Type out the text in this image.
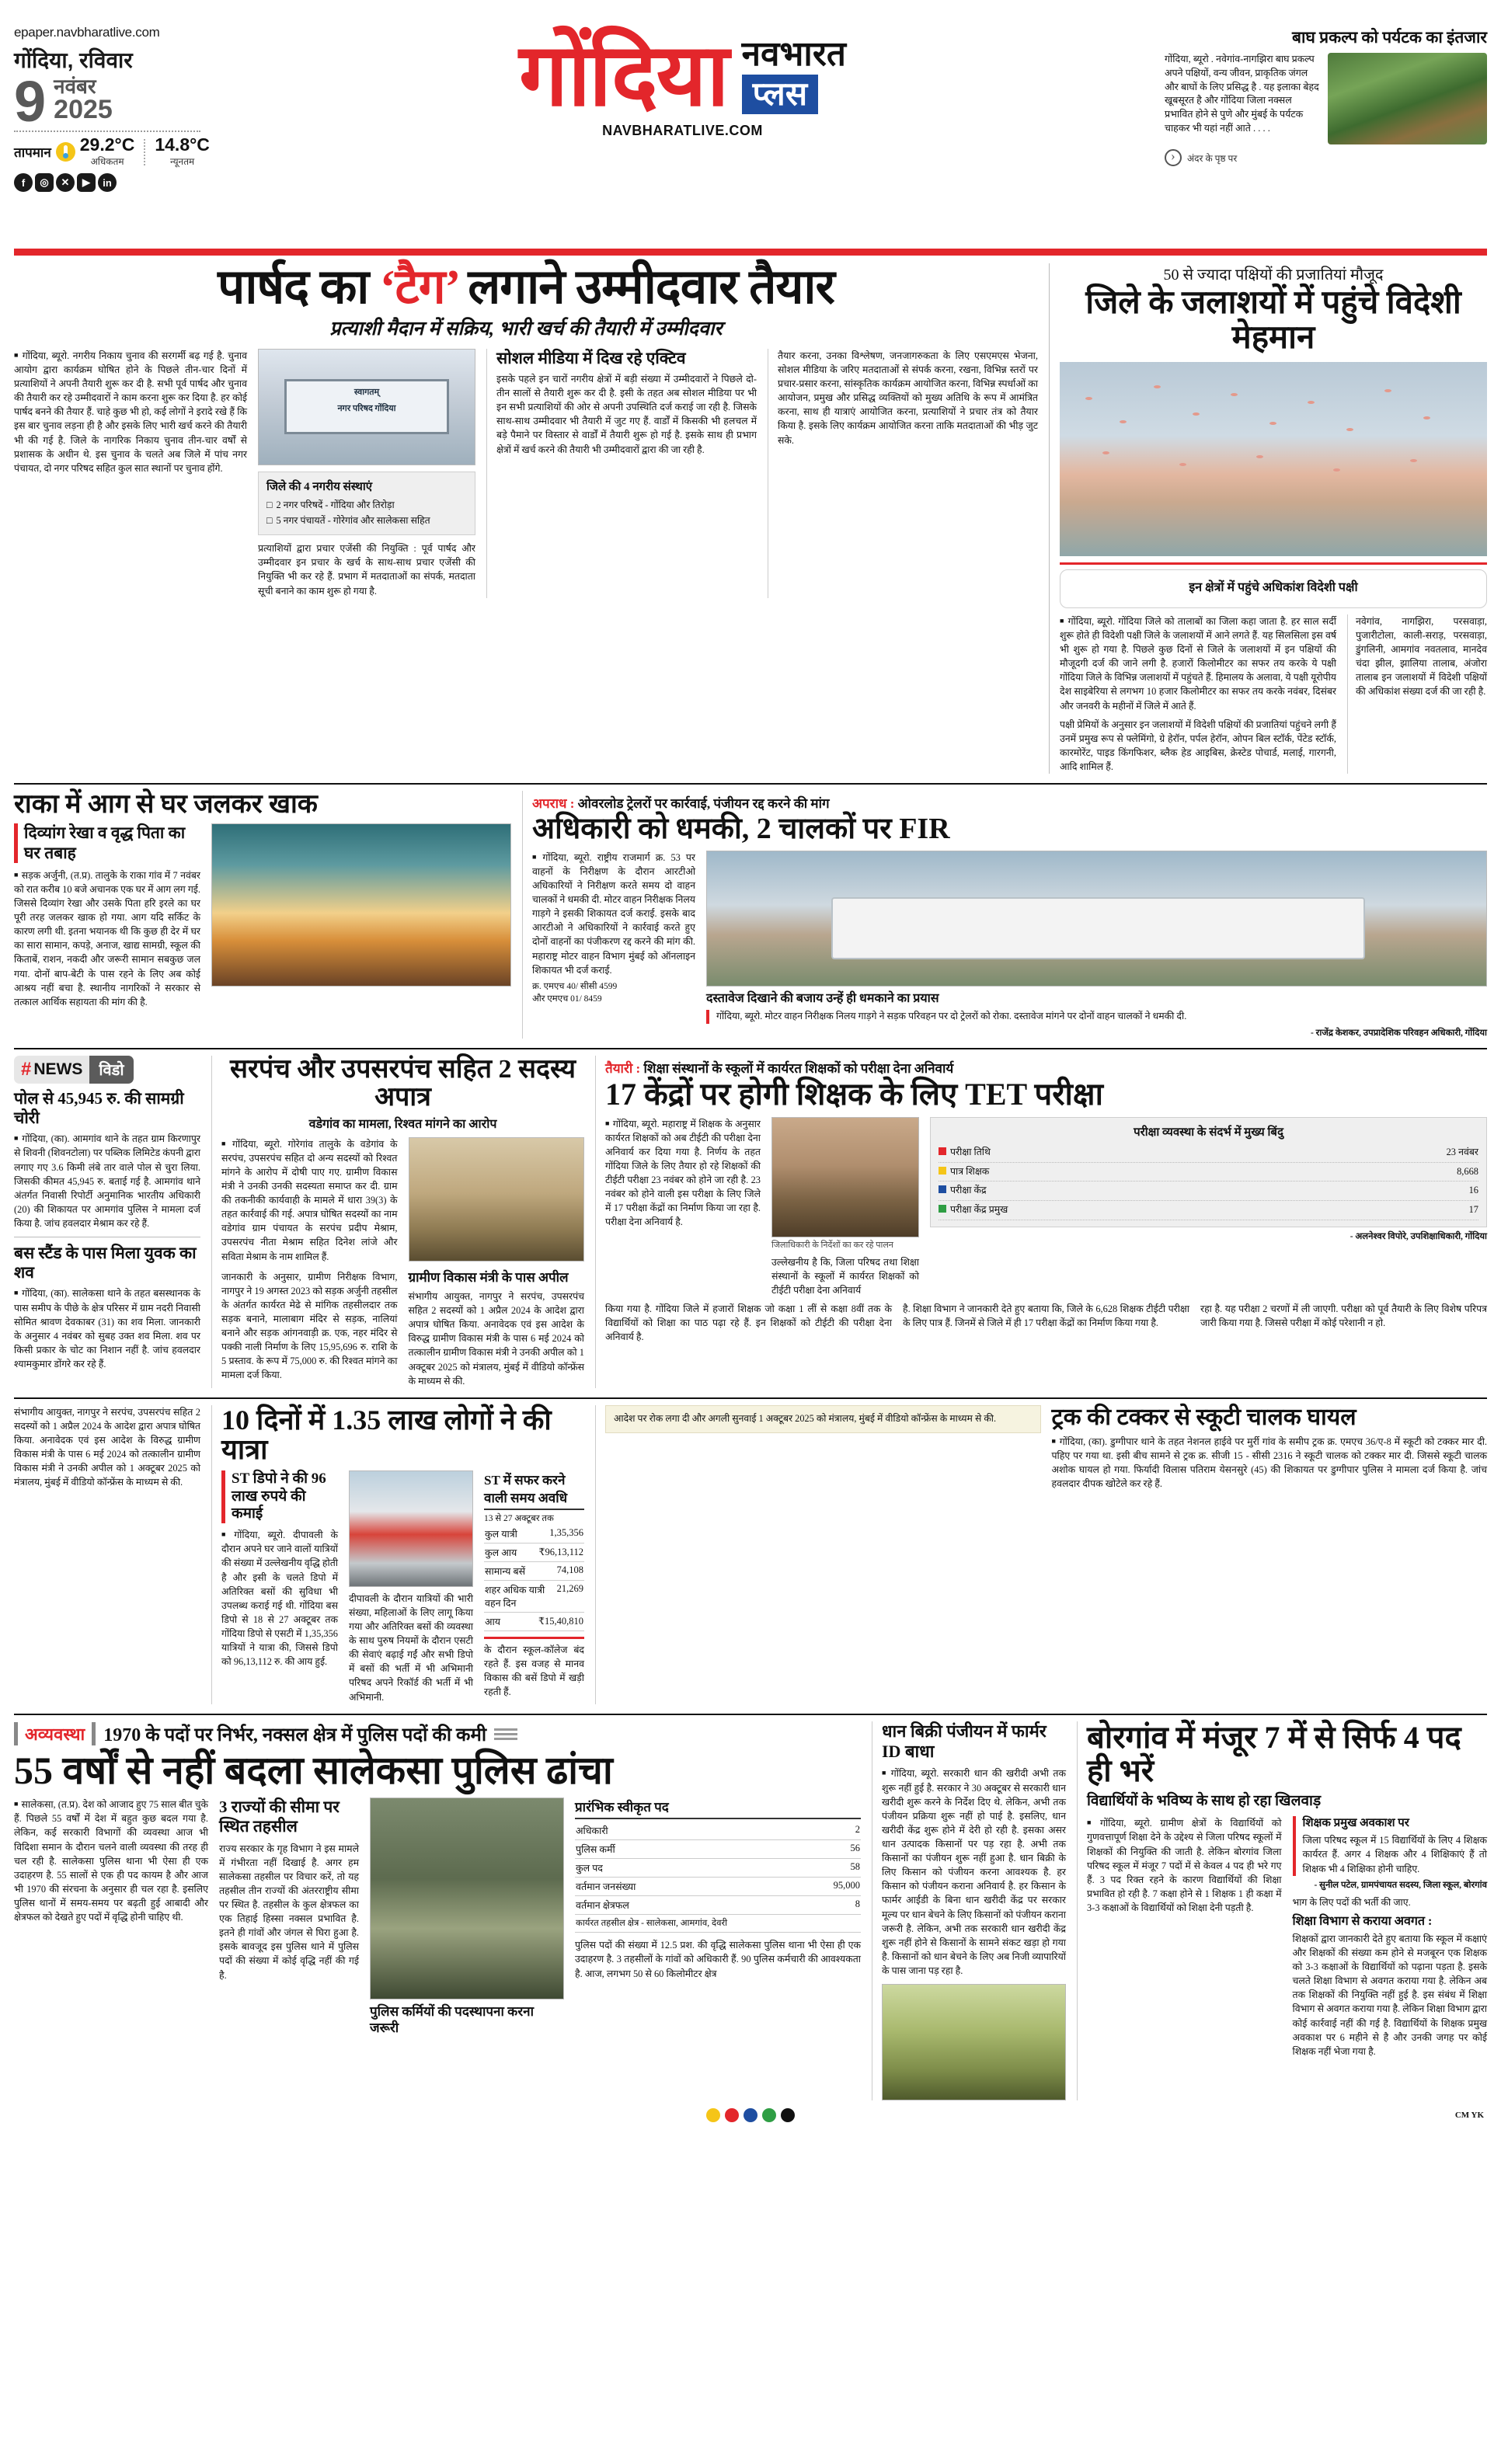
epaper.navbharatlive.com
गोंदिया, रविवार
9 नवंबर
2025
तापमान 29.2°C
अधिकतम
14.8°C
न्यूनतम
f	◎	✕	▶	in
गोंदिया नवभारत
प्लस
NAVBHARATLIVE.COM
बाघ प्रकल्प को पर्यटक का इंतजार
गोंदिया, ब्यूरो . नवेगांव-नागझिरा बाघ प्रकल्प अपने पक्षियों, वन्य जीवन, प्राकृतिक जंगल और बाघों के लिए प्रसिद्ध है . यह इलाका बेहद खूबसूरत है और गोंदिया जिला नक्सल प्रभावित होने से पुणे और मुंबई के पर्यटक चाहकर भी यहां नहीं आते . . . .
›
अंदर के पृष्ठ पर
पार्षद का ‘टैग’ लगाने उम्मीदवार तैयार
प्रत्याशी मैदान में सक्रिय, भारी खर्च की तैयारी में उम्मीदवार
■ गोंदिया, ब्यूरो. नगरीय निकाय चुनाव की सरगर्मी बढ़ गई है. चुनाव आयोग द्वारा कार्यक्रम घोषित होने के पिछले तीन-चार दिनों में प्रत्याशियों ने अपनी तैयारी शुरू कर दी है. सभी पूर्व पार्षद और चुनाव की तैयारी कर रहे उम्मीदवारों ने काम करना शुरू कर दिया है. हर कोई पार्षद बनने की तैयार हैं. चाहे कुछ भी हो, कई लोगों ने इरादे रखे हैं कि इस बार चुनाव लड़ना ही है और इसके लिए भारी खर्च करने की तैयारी भी की गई है. जिले के नागरिक निकाय चुनाव तीन-चार वर्षों से प्रशासक के अधीन थे. इस चुनाव के चलते अब जिले में पांच नगर पंचायत, दो नगर परिषद सहित कुल सात स्थानों पर चुनाव होंगे.
स्वागतम्
नगर परिषद गोंदिया
जिले की 4 नगरीय संस्थाएं
□ 2 नगर परिषदें - गोंदिया और तिरोड़ा
□ 5 नगर पंचायतें - गोरेगांव और सालेकसा सहित
प्रत्याशियों द्वारा प्रचार एजेंसी की नियुक्ति : पूर्व पार्षद और उम्मीदवार इन प्रचार के खर्च के साथ-साथ प्रचार एजेंसी की नियुक्ति भी कर रहे हैं. प्रभाग में मतदाताओं का संपर्क, मतदाता सूची बनाने का काम शुरू हो गया है.
सोशल मीडिया में दिख रहे एक्टिव
इसके पहले इन चारों नगरीय क्षेत्रों में बड़ी संख्या में उम्मीदवारों ने पिछले दो-तीन सालों से तैयारी शुरू कर दी है. इसी के तहत अब सोशल मीडिया पर भी इन सभी प्रत्याशियों की ओर से अपनी उपस्थिति दर्ज कराई जा रही है. जिसके साथ-साथ उम्मीदवार भी तैयारी में जुट गए हैं. वार्डों में किसकी भी हलचल में बड़े पैमाने पर विस्तार से वार्डों में तैयारी शुरू हो गई है. इसके साथ ही प्रभाग क्षेत्रों में खर्च करने की तैयारी भी उम्मीदवारों द्वारा की जा रही है.
तैयार करना, उनका विश्लेषण, जनजागरुकता के लिए एसएमएस भेजना, सोशल मीडिया के जरिए मतदाताओं से संपर्क करना, रखना, विभिन्न स्तरों पर प्रचार-प्रसार करना, सांस्कृतिक कार्यक्रम आयोजित करना, विभिन्न स्पर्धाओं का आयोजन, प्रमुख और प्रसिद्ध व्यक्तियों को मुख्य अतिथि के रूप में आमंत्रित करना, साथ ही यात्राएं आयोजित करना, प्रत्याशियों ने प्रचार तंत्र को तैयार किया है. इसके लिए कार्यक्रम आयोजित करना ताकि मतदाताओं की भीड़ जुट सके.
50 से ज्यादा पक्षियों की प्रजातियां मौजूद
जिले के जलाशयों में पहुंचे विदेशी मेहमान
इन क्षेत्रों में पहुंचे अधिकांश विदेशी पक्षी
■ गोंदिया, ब्यूरो. गोंदिया जिले को तालाबों का जिला कहा जाता है. हर साल सर्दी शुरू होते ही विदेशी पक्षी जिले के जलाशयों में आने लगते हैं. यह सिलसिला इस वर्ष भी शुरू हो गया है. पिछले कुछ दिनों से जिले के जलाशयों में इन पक्षियों की मौजूदगी दर्ज की जाने लगी है. हजारों किलोमीटर का सफर तय करके ये पक्षी गोंदिया जिले के विभिन्न जलाशयों में पहुंचते हैं. हिमालय के अलावा, ये पक्षी यूरोपीय देश साइबेरिया से लगभग 10 हजार किलोमीटर का सफर तय करके नवंबर, दिसंबर और जनवरी के महीनों में जिले में आते हैं.
पक्षी प्रेमियों के अनुसार इन जलाशयों में विदेशी पक्षियों की प्रजातियां पहुंचने लगी हैं उनमें प्रमुख रूप से फ्लेमिंगो, ग्रे हेरॉन, पर्पल हेरॉन, ओपन बिल स्टॉर्क, पेंटेड स्टॉर्क, कारमोरेंट, पाइड किंगफिशर, ब्लैक हेड आइबिस, क्रेस्टेड पोचार्ड, मलाई, गारगनी, आदि शामिल हैं.
नवेगांव, नागझिरा, परसवाड़ा, पुजारीटोला, काली-सराड़, परसवाड़ा, डुंगलिनी, आमगांव नवतलाव, मानदेव चंदा झील, झालिया तालाब, अंजोरा तालाब इन जलाशयों में विदेशी पक्षियों की अधिकांश संख्या दर्ज की जा रही है.
राका में आग से घर जलकर खाक
दिव्यांग रेखा व वृद्ध पिता का घर तबाह
■ सड़क अर्जुनी, (त.प्र). तालुके के राका गांव में 7 नवंबर को रात करीब 10 बजे अचानक एक घर में आग लग गई. जिससे दिव्यांग रेखा और उसके पिता हरि इरले का घर पूरी तरह जलकर खाक हो गया. आग यदि सर्किट के कारण लगी थी. इतना भयानक थी कि कुछ ही देर में घर का सारा सामान, कपड़े, अनाज, खाद्य सामग्री, स्कूल की किताबें, राशन, नकदी और जरूरी सामान सबकुछ जल गया. दोनों बाप-बेटी के पास रहने के लिए अब कोई आश्रय नहीं बचा है. स्थानीय नागरिकों ने सरकार से तत्काल आर्थिक सहायता की मांग की है.
अपराध : ओवरलोड ट्रेलरों पर कार्रवाई, पंजीयन रद्द करने की मांग
अधिकारी को धमकी, 2 चालकों पर FIR
■ गोंदिया, ब्यूरो. राष्ट्रीय राजमार्ग क्र. 53 पर वाहनों के निरीक्षण के दौरान आरटीओ अधिकारियों ने निरीक्षण करते समय दो वाहन चालकों ने धमकी दी. मोटर वाहन निरीक्षक निलय गाड़गे ने इसकी शिकायत दर्ज कराई. इसके बाद आरटीओ ने अधिकारियों ने कार्रवाई करते हुए दोनों वाहनों का पंजीकरण रद्द करने की मांग की. महाराष्ट्र मोटर वाहन विभाग मुंबई को ऑनलाइन शिकायत भी दर्ज कराई.
क्र. एमएच 40/ सीसी 4599
और एमएच 01/ 8459	दस्तावेज दिखाने की बजाय उन्हें ही धमकाने का प्रयास
गोंदिया, ब्यूरो. मोटर वाहन निरीक्षक निलय गाड़गे ने सड़क परिवहन पर दो ट्रेलरों को रोका. दस्तावेज मांगने पर दोनों वाहन चालकों ने धमकी दी.
- राजेंद्र केशकर, उपप्रादेशिक परिवहन अधिकारी, गोंदिया
# NEWS	विडो
पोल से 45,945 रु. की सामग्री चोरी
■ गोंदिया, (का). आमगांव थाने के तहत ग्राम किरणापुर से शिवनी (शिवनटोला) पर पब्लिक लिमिटेड कंपनी द्वारा लगाए गए 3.6 किमी लंबे तार वाले पोल से चुरा लिया. जिसकी कीमत 45,945 रु. बताई गई है. आमगांव थाने अंतर्गत निवासी रिपोर्टी अनुमानिक भारतीय अधिकारी (20) की शिकायत पर आमगांव पुलिस ने मामला दर्ज किया है. जांच हवलदार मेश्राम कर रहे हैं.
बस स्टैंड के पास मिला युवक का शव
■ गोंदिया, (का). सालेकसा थाने के तहत बसस्थानक के पास समीप के पीछे के क्षेत्र परिसर में ग्राम नदरी निवासी सोमित श्रावण देवकाबर (31) का शव मिला. जानकारी के अनुसार 4 नवंबर को सुबह उक्त शव मिला. शव पर किसी प्रकार के चोट का निशान नहीं है. जांच हवलदार श्यामकुमार डोंगरे कर रहे हैं.
सरपंच और उपसरपंच सहित 2 सदस्य अपात्र
वडेगांव का मामला, रिश्वत मांगने का आरोप
■ गोंदिया, ब्यूरो. गोरेगांव तालुके के वडेगांव के सरपंच, उपसरपंच सहित दो अन्य सदस्यों को रिश्वत मांगने के आरोप में दोषी पाए गए. ग्रामीण विकास मंत्री ने उनकी उनकी सदस्यता समाप्त कर दी. ग्राम की तकनीकी कार्यवाही के मामले में धारा 39(3) के तहत कार्रवाई की गई. अपात्र घोषित सदस्यों का नाम वडेगांव ग्राम पंचायत के सरपंच प्रदीप मेश्राम, उपसरपंच नीता मेश्राम सहित दिनेश लांजे और सविता मेश्राम के नाम शामिल हैं.
जानकारी के अनुसार, ग्रामीण निरीक्षक विभाग, नागपुर ने 19 अगस्त 2023 को सड़क अर्जुनी तहसील के अंतर्गत कार्यरत मेढे से मांगिक तहसीलदार तक सड़क बनाने, मालाबाग मंदिर से सड़क, नालियां बनाने और सड़क आंगनवाड़ी क्र. एक, नहर मंदिर से पक्की नाली निर्माण के लिए 15,95,696 रु. राशि के 5 प्रस्ताव. के रूप में 75,000 रु. की रिश्वत मांगने का मामला दर्ज किया.
ग्रामीण विकास मंत्री के पास अपील
संभागीय आयुक्त, नागपुर ने सरपंच, उपसरपंच सहित 2 सदस्यों को 1 अप्रैल 2024 के आदेश द्वारा अपात्र घोषित किया. अनावेदक एवं इस आदेश के विरुद्ध ग्रामीण विकास मंत्री के पास 6 मई 2024 को तत्कालीन ग्रामीण विकास मंत्री ने उनकी अपील को 1 अक्टूबर 2025 को मंत्रालय, मुंबई में वीडियो कॉन्फ्रेंस के माध्यम से की.
तैयारी : शिक्षा संस्थानों के स्कूलों में कार्यरत शिक्षकों को परीक्षा देना अनिवार्य
17 केंद्रों पर होगी शिक्षक के लिए TET परीक्षा
■ गोंदिया, ब्यूरो. महाराष्ट्र में शिक्षक के अनुसार कार्यरत शिक्षकों को अब टीईटी की परीक्षा देना अनिवार्य कर दिया गया है. निर्णय के तहत गोंदिया जिले के लिए तैयार हो रहे शिक्षकों की टीईटी परीक्षा 23 नवंबर को होने जा रही है. 23 नवंबर को होने वाली इस परीक्षा के लिए जिले में 17 परीक्षा केंद्रों का निर्माण किया जा रहा है. परीक्षा देना अनिवार्य है.
जिलाधिकारी के निर्देशों का कर रहे पालन
उल्लेखनीय है कि, जिला परिषद तथा शिक्षा संस्थानों के स्कूलों में कार्यरत शिक्षकों को टीईटी परीक्षा देना अनिवार्य
परीक्षा व्यवस्था के संदर्भ में मुख्य बिंदु
परीक्षा तिथि	23 नवंबर
पात्र शिक्षक	8,668
परीक्षा केंद्र	16
परीक्षा केंद्र प्रमुख	17
- अलनेश्वर विपोरे, उपशिक्षाधिकारी, गोंदिया
किया गया है. गोंदिया जिले में हजारों शिक्षक जो कक्षा 1 लीं से कक्षा 8वीं तक के विद्यार्थियों को शिक्षा का पाठ पढ़ा रहे हैं. इन शिक्षकों को टीईटी की परीक्षा देना अनिवार्य है.
है. शिक्षा विभाग ने जानकारी देते हुए बताया कि, जिले के 6,628 शिक्षक टीईटी परीक्षा के लिए पात्र हैं. जिनमें से जिले में ही 17 परीक्षा केंद्रों का निर्माण किया गया है.
रहा है. यह परीक्षा 2 चरणों में ली जाएगी. परीक्षा को पूर्व तैयारी के लिए विशेष परिपत्र जारी किया गया है. जिससे परीक्षा में कोई परेशानी न हो.
संभागीय आयुक्त, नागपुर ने सरपंच, उपसरपंच सहित 2 सदस्यों को 1 अप्रैल 2024 के आदेश द्वारा अपात्र घोषित किया. अनावेदक एवं इस आदेश के विरुद्ध ग्रामीण विकास मंत्री के पास 6 मई 2024 को तत्कालीन ग्रामीण विकास मंत्री ने उनकी अपील को 1 अक्टूबर 2025 को मंत्रालय, मुंबई में वीडियो कॉन्फ्रेंस के माध्यम से की.
10 दिनों में 1.35 लाख लोगों ने की यात्रा
ST डिपो ने की 96 लाख रुपये की कमाई
■ गोंदिया, ब्यूरो. दीपावली के दौरान अपने घर जाने वालों यात्रियों की संख्या में उल्लेखनीय वृद्धि होती है और इसी के चलते डिपो में अतिरिक्त बसों की सुविधा भी उपलब्ध कराई गई थी. गोंदिया बस डिपो से 18 से 27 अक्टूबर तक गोंदिया डिपो से एसटी में 1,35,356 यात्रियों ने यात्रा की, जिससे डिपो को 96,13,112 रु. की आय हुई.
दीपावली के दौरान यात्रियों की भारी संख्या, महिलाओं के लिए लागू किया गया और अतिरिक्त बसों की व्यवस्था के साथ पुरुष नियमों के दौरान एसटी की सेवाएं बढ़ाई गईं और सभी डिपो में बसों की भर्ती में भी अभिमानी परिषद अपने रिकॉर्ड की भर्ती में भी अभिमानी.
ST में सफर करने वाली समय अवधि
13 से 27 अक्टूबर तक
कुल यात्री	1,35,356
कुल आय ₹96,13,112
सामान्य बसें	74,108
शहर अधिक यात्री वहन दिन
21,269
आय	₹15,40,810
के दौरान स्कूल-कॉलेज बंद रहते हैं. इस वजह से मानव विकास की बसें डिपो में खड़ी रहती हैं.
आदेश पर रोक लगा दी और अगली सुनवाई 1 अक्टूबर 2025 को मंत्रालय, मुंबई में वीडियो कॉन्फ्रेंस के माध्यम से की.	ट्रक की टक्कर से स्कूटी चालक घायल
■ गोंदिया, (का). डुग्गीपार थाने के तहत नेशनल हाईवे पर मुर्री गांव के समीप ट्रक क्र. एमएच 36/ए-8 में स्कूटी को टक्कर मार दी. पहिए पर गया था. इसी बीच सामने से ट्रक क्र. सीजी 15 - सीसी 2316 ने स्कूटी चालक को टक्कर मार दी. जिससे स्कूटी चालक अशोक घायल हो गया. फिर्यादी विलास पतिराम येसनसुरे (45) की शिकायत पर डुग्गीपार पुलिस ने मामला दर्ज किया है. जांच हवलदार दीपक खोटेले कर रहे हैं.
अव्यवस्था	1970 के पदों पर निर्भर, नक्सल क्षेत्र में पुलिस पदों की कमी
55 वर्षों से नहीं बदला सालेकसा पुलिस ढांचा
■ सालेकसा, (त.प्र). देश को आजाद हुए 75 साल बीत चुके हैं. पिछले 55 वर्षों में देश में बहुत कुछ बदल गया है. लेकिन, कई सरकारी विभागों की व्यवस्था आज भी विदिशा समान के दौरान चलने वाली व्यवस्था की तरह ही चल रही है. सालेकसा पुलिस थाना भी ऐसा ही एक उदाहरण है. 55 सालों से एक ही पद कायम है और आज भी 1970 की संरचना के अनुसार ही चल रहा है. इसलिए पुलिस थानों में समय-समय पर बढ़ती हुई आबादी और क्षेत्रफल को देखते हुए पदों में वृद्धि होनी चाहिए थी.
3 राज्यों की सीमा पर स्थित तहसील
राज्य सरकार के गृह विभाग ने इस मामले में गंभीरता नहीं दिखाई है. अगर हम सालेकसा तहसील पर विचार करें, तो यह तहसील तीन राज्यों की अंतरराष्ट्रीय सीमा पर स्थित है. तहसील के कुल क्षेत्रफल का एक तिहाई हिस्सा नक्सल प्रभावित है. इतने ही गांवों और जंगल से घिरा हुआ है. इसके बावजूद इस पुलिस थाने में पुलिस पदों की संख्या में कोई वृद्धि नहीं की गई है.
पुलिस कर्मियों की पदस्थापना करना जरूरी
प्रारंभिक स्वीकृत पद
अधिकारी	2
पुलिस कर्मी	56
कुल पद	58
वर्तमान जनसंख्या	95,000
वर्तमान क्षेत्रफल	8
कार्यरत तहसील क्षेत्र - सालेकसा, आमगांव, देवरी
पुलिस पदों की संख्या में 12.5 प्रश. की वृद्धि सालेकसा पुलिस थाना भी ऐसा ही एक उदाहरण है. 3 तहसीलों के गांवों को अधिकारी हैं. 90 पुलिस कर्मचारी की आवश्यकता है. आज, लगभग 50 से 60 किलोमीटर क्षेत्र
धान बिक्री पंजीयन में फार्मर ID बाधा
■ गोंदिया, ब्यूरो. सरकारी धान की खरीदी अभी तक शुरू नहीं हुई है. सरकार ने 30 अक्टूबर से सरकारी धान खरीदी शुरू करने के निर्देश दिए थे. लेकिन, अभी तक पंजीयन प्रक्रिया शुरू नहीं हो पाई है. इसलिए, धान खरीदी केंद्र शुरू होने में देरी हो रही है. इसका असर धान उत्पादक किसानों पर पड़ रहा है. अभी तक किसानों का पंजीयन शुरू नहीं हुआ है. धान बिक्री के लिए किसान को पंजीयन करना आवश्यक है. हर किसान को पंजीयन कराना अनिवार्य है. हर किसान के फार्मर आईडी के बिना धान खरीदी केंद्र पर सरकार मूल्य पर धान बेचने के लिए किसानों को पंजीयन कराना जरूरी है. लेकिन, अभी तक सरकारी धान खरीदी केंद्र शुरू नहीं होने से किसानों के सामने संकट खड़ा हो गया है. किसानों को धान बेचने के लिए अब निजी व्यापारियों के पास जाना पड़ रहा है.
बोरगांव में मंजूर 7 में से सिर्फ 4 पद ही भरें
विद्यार्थियों के भविष्य के साथ हो रहा खिलवाड़
■ गोंदिया, ब्यूरो. ग्रामीण क्षेत्रों के विद्यार्थियों को गुणवत्तापूर्ण शिक्षा देने के उद्देश्य से जिला परिषद स्कूलों में शिक्षकों की नियुक्ति की जाती है. लेकिन बोरगांव जिला परिषद स्कूल में मंजूर 7 पदों में से केवल 4 पद ही भरे गए हैं. 3 पद रिक्त रहने के कारण विद्यार्थियों की शिक्षा प्रभावित हो रही है. 7 कक्षा होने से 1 शिक्षक 1 ही कक्षा में 3-3 कक्षाओं के विद्यार्थियों को शिक्षा देनी पड़ती है.
शिक्षक प्रमुख अवकाश पर
जिला परिषद स्कूल में 15 विद्यार्थियों के लिए 4 शिक्षक कार्यरत हैं. अगर 4 शिक्षक और 4 शिक्षिकाएं हैं तो शिक्षक भी 4 शिक्षिका होनी चाहिए.
- सुनील पटेल, ग्रामपंचायत सदस्य, जिला स्कूल, बोरगांव
भाग के लिए पदों की भर्ती की जाए.
शिक्षा विभाग से कराया अवगत :
शिक्षकों द्वारा जानकारी देते हुए बताया कि स्कूल में कक्षाएं और शिक्षकों की संख्या कम होने से मजबूरन एक शिक्षक को 3-3 कक्षाओं के विद्यार्थियों को पढ़ाना पड़ता है. इसके चलते शिक्षा विभाग से अवगत कराया गया है. लेकिन अब तक शिक्षकों की नियुक्ति नहीं हुई है. इस संबंध में शिक्षा विभाग से अवगत कराया गया है. लेकिन शिक्षा विभाग द्वारा कोई कार्रवाई नहीं की गई है. विद्यार्थियों के शिक्षक प्रमुख अवकाश पर 6 महीने से है और उनकी जगह पर कोई शिक्षक नहीं भेजा गया है.
CM YK
